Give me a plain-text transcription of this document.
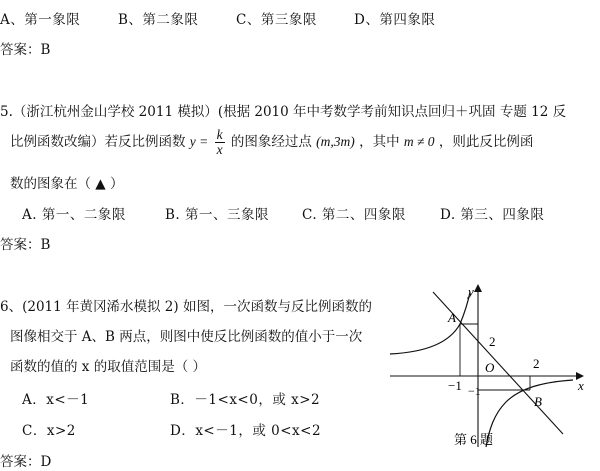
A、第一象限	B、第二象限	C、第三象限	D、第四象限
答案：B
5.（浙江杭州金山学校 2011 模拟）(根据 2010 年中考数学考前知识点回归＋巩固 专题 12 反
比例函数改编）若反比例函数 $y = \frac{k}{x}$ 的图象经过点 (m,3m) ，其中 m ≠ 0 ，则此反比例函
数的图象在（ ▲ ）
A. 第一、二象限	B. 第一、三象限 C. 第二、四象限	D. 第三、四象限
答案：B
6、(2011 年黄冈浠水模拟 2) 如图，一次函数与反比例函数的
图像相交于 A、B 两点，则图中使反比例函数的值小于一次
函数的值的 x 的取值范围是（ ）
A．x<－1	B．－1<x<0，或 x>2
C．x>2	D．x<－1，或 0<x<2
答案：D
A
B
O
x
y
2
2
−1 −1
第 6 题
